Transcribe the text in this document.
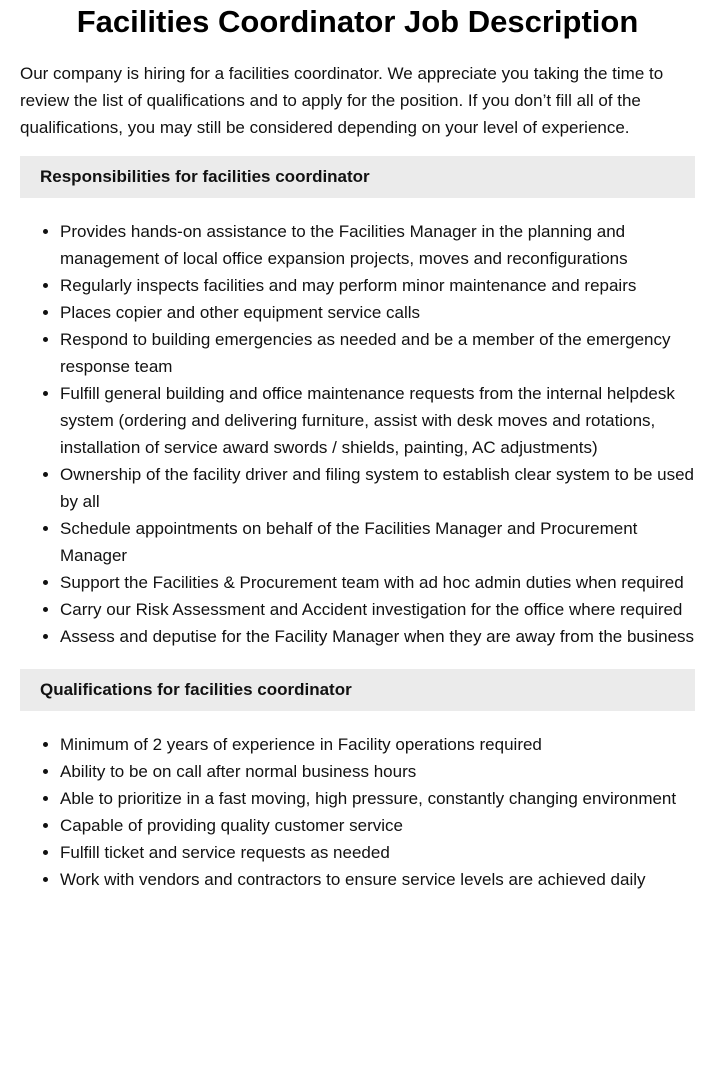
Facilities Coordinator Job Description

Our company is hiring for a facilities coordinator. We appreciate you taking the time to review the list of qualifications and to apply for the position. If you don’t fill all of the qualifications, you may still be considered depending on your level of experience.

Responsibilities for facilities coordinator
• Provides hands-on assistance to the Facilities Manager in the planning and management of local office expansion projects, moves and reconfigurations
• Regularly inspects facilities and may perform minor maintenance and repairs
• Places copier and other equipment service calls
• Respond to building emergencies as needed and be a member of the emergency response team
• Fulfill general building and office maintenance requests from the internal helpdesk system (ordering and delivering furniture, assist with desk moves and rotations, installation of service award swords / shields, painting, AC adjustments)
• Ownership of the facility driver and filing system to establish clear system to be used by all
• Schedule appointments on behalf of the Facilities Manager and Procurement Manager
• Support the Facilities & Procurement team with ad hoc admin duties when required
• Carry our Risk Assessment and Accident investigation for the office where required
• Assess and deputise for the Facility Manager when they are away from the business
Qualifications for facilities coordinator
• Minimum of 2 years of experience in Facility operations required
• Ability to be on call after normal business hours
• Able to prioritize in a fast moving, high pressure, constantly changing environment
• Capable of providing quality customer service
• Fulfill ticket and service requests as needed
• Work with vendors and contractors to ensure service levels are achieved daily
